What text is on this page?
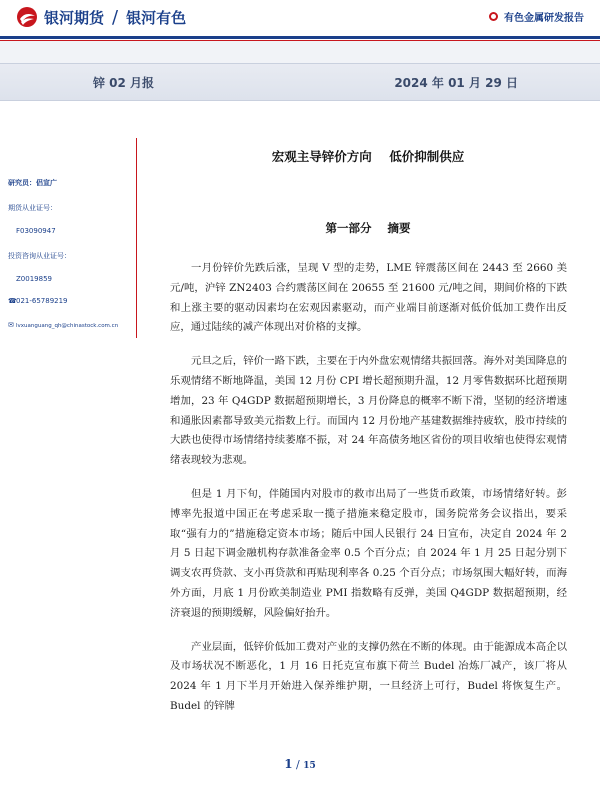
银河期货 / 银河有色	有色金属研发报告
锌 02 月报	2024 年 01 月 29 日
研究员：侣宣广
期货从业证号：
F03090947
投资咨询从业证号：
Z0019859
☎021-65789219
✉ lvxuanguang_qh@chinastock.com.cn
宏观主导锌价方向    低价抑制供应
第一部分    摘要

一月份锌价先跌后涨，呈现 V 型的走势，LME 锌震荡区间在 2443 至 2660 美元/吨，沪锌 ZN2403 合约震荡区间在 20655 至 21600 元/吨之间，期间价格的下跌和上涨主要的驱动因素均在宏观因素驱动，而产业端目前逐渐对低价低加工费作出反应，通过陆续的减产体现出对价格的支撑。

元旦之后，锌价一路下跌，主要在于内外盘宏观情绪共振回落。海外对美国降息的乐观情绪不断地降温，美国 12 月份 CPI 增长超预期升温，12 月零售数据环比超预期增加，23 年 Q4GDP 数据超预期增长，3 月份降息的概率不断下滑，坚韧的经济增速和通胀因素都导致美元指数上行。而国内 12 月份地产基建数据维持疲软，股市持续的大跌也使得市场情绪持续萎靡不振，对 24 年高债务地区省份的项目收缩也使得宏观情绪表现较为悲观。

但是 1 月下旬，伴随国内对股市的救市出局了一些货币政策，市场情绪好转。彭博率先报道中国正在考虑采取一揽子措施来稳定股市，国务院常务会议指出，要采取“强有力的”措施稳定资本市场；随后中国人民银行 24 日宣布，决定自 2024 年 2 月 5 日起下调金融机构存款准备金率 0.5 个百分点；自 2024 年 1 月 25 日起分别下调支农再贷款、支小再贷款和再贴现利率各 0.25 个百分点；市场氛围大幅好转，而海外方面，月底 1 月份欧美制造业 PMI 指数略有反弹，美国 Q4GDP 数据超预期，经济衰退的预期缓解，风险偏好抬升。

产业层面，低锌价低加工费对产业的支撑仍然在不断的体现。由于能源成本高企以及市场状况不断恶化，1 月 16 日托克宣布旗下荷兰 Budel 冶炼厂减产，该厂将从 2024 年 1 月下半月开始进入保养维护期，一旦经济上可行，Budel 将恢复生产。Budel 的锌牌

1 / 15
